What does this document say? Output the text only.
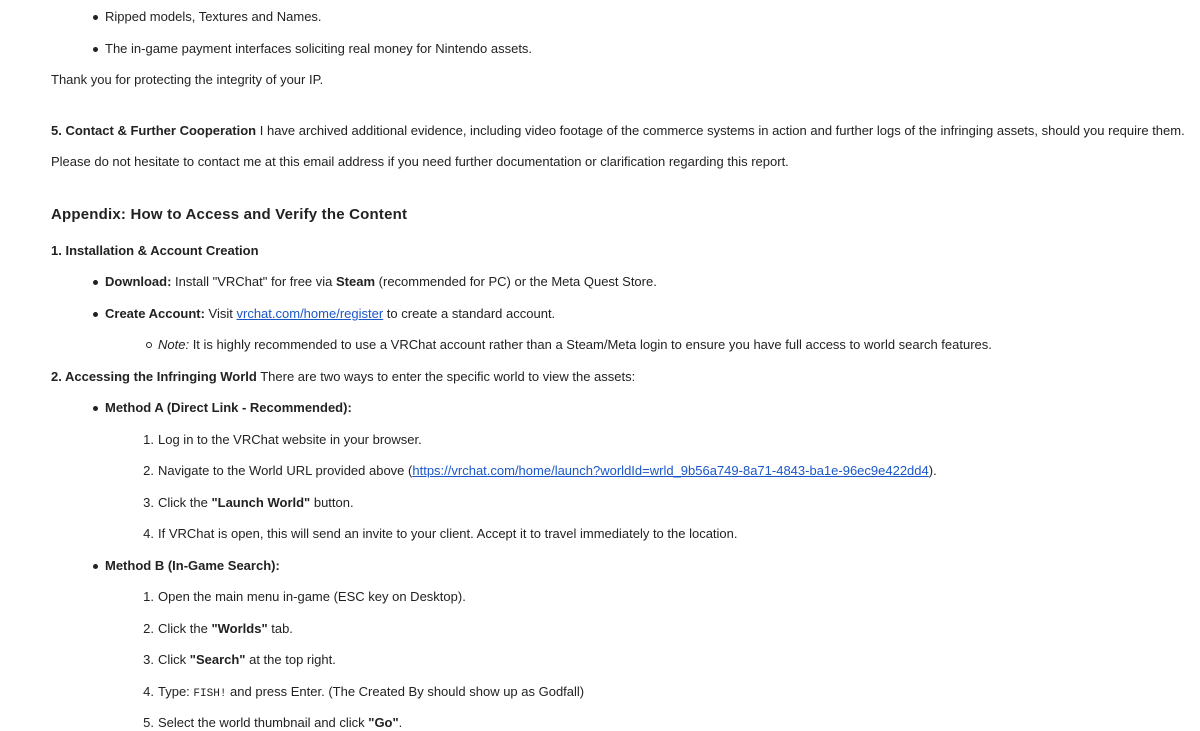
Ripped models, Textures and Names.
The in-game payment interfaces soliciting real money for Nintendo assets.
Thank you for protecting the integrity of your IP.
5. Contact & Further Cooperation I have archived additional evidence, including video footage of the commerce systems in action and further logs of the infringing assets, should you require them.
Please do not hesitate to contact me at this email address if you need further documentation or clarification regarding this report.
Appendix: How to Access and Verify the Content
1. Installation & Account Creation
Download: Install "VRChat" for free via Steam (recommended for PC) or the Meta Quest Store.
Create Account: Visit vrchat.com/home/register to create a standard account.
Note: It is highly recommended to use a VRChat account rather than a Steam/Meta login to ensure you have full access to world search features.
2. Accessing the Infringing World There are two ways to enter the specific world to view the assets:
Method A (Direct Link - Recommended):
1. Log in to the VRChat website in your browser.
2. Navigate to the World URL provided above (https://vrchat.com/home/launch?worldId=wrld_9b56a749-8a71-4843-ba1e-96ec9e422dd4).
3. Click the "Launch World" button.
4. If VRChat is open, this will send an invite to your client. Accept it to travel immediately to the location.
Method B (In-Game Search):
1. Open the main menu in-game (ESC key on Desktop).
2. Click the "Worlds" tab.
3. Click "Search" at the top right.
4. Type: FISH! and press Enter. (The Created By should show up as Godfall)
5. Select the world thumbnail and click "Go".
